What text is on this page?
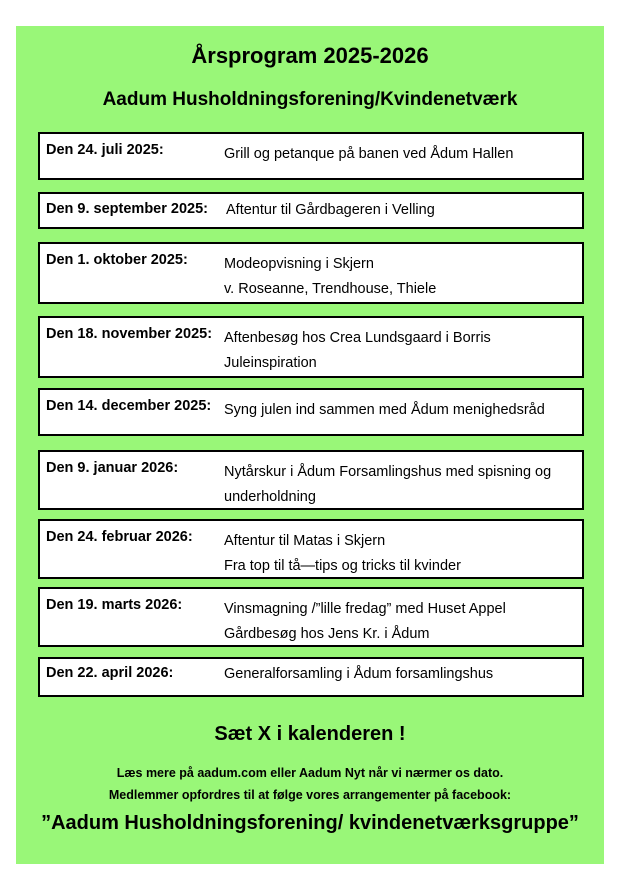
Årsprogram 2025-2026
Aadum Husholdningsforening/Kvindenetværk
Den 24. juli 2025:	Grill og petanque på banen ved Ådum Hallen
Den 9. september 2025: Aftentur til Gårdbageren i Velling
Den 1. oktober 2025: Modeopvisning i Skjern
v. Roseanne, Trendhouse, Thiele
Den 18. november 2025: Aftenbesøg hos Crea Lundsgaard i Borris
Juleinspiration
Den 14. december 2025: Syng julen ind sammen med Ådum menighedsråd
Den 9. januar 2026:	Nytårskur i Ådum Forsamlingshus med spisning og underholdning
Den 24. februar 2026: Aftentur til Matas i Skjern
Fra top til tå—tips og tricks til kvinder
Den 19. marts 2026:	Vinsmagning /”lille fredag” med Huset Appel
Gårdbesøg hos Jens Kr. i Ådum
Den 22. april 2026:	Generalforsamling i Ådum forsamlingshus
Sæt X i kalenderen !
Læs mere på aadum.com eller Aadum Nyt når vi nærmer os dato.
Medlemmer opfordres til at følge vores arrangementer på facebook:
”Aadum Husholdningsforening/ kvindenetværksgruppe”
